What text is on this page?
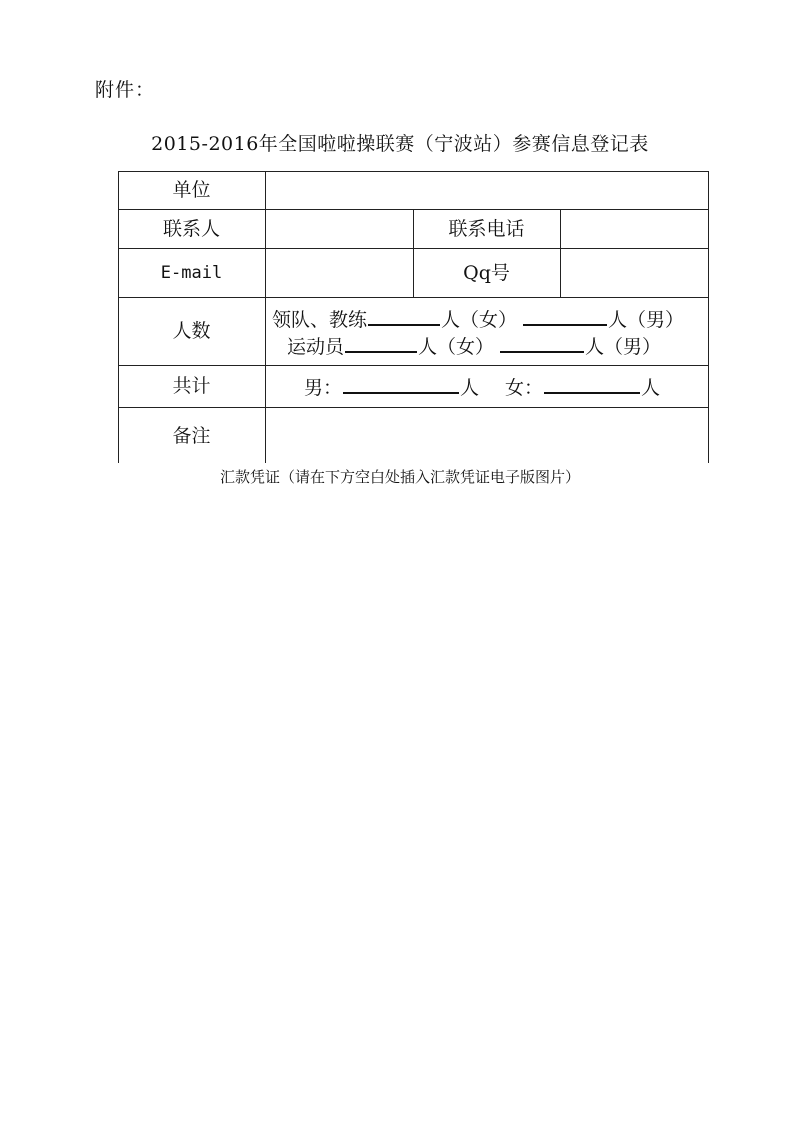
附件：
2015-2016年全国啦啦操联赛（宁波站）参赛信息登记表
单位
联系人	联系电话
E-mail	Qq号
人数	领队、教练	人（女）	人（男）
运动员	人（女）	人（男）
共计	男：	人 女：	人
备注
汇款凭证（请在下方空白处插入汇款凭证电子版图片）
